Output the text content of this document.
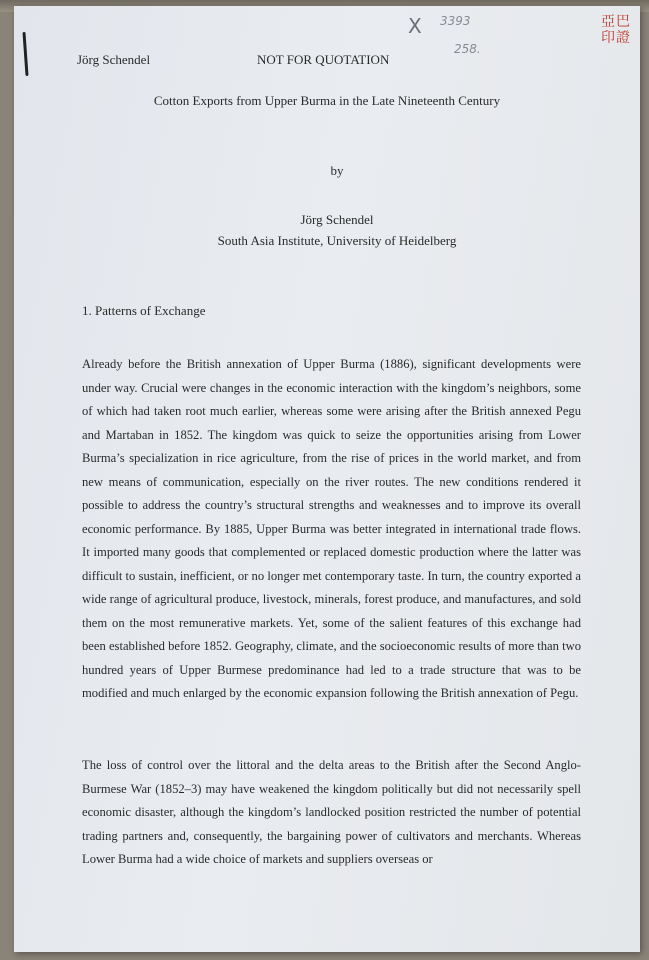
X 3393
258.
亞巴印證
Jörg Schendel	NOT FOR QUOTATION
Cotton Exports from Upper Burma in the Late Nineteenth Century
by
Jörg Schendel
South Asia Institute, University of Heidelberg
1. Patterns of Exchange

Already before the British annexation of Upper Burma (1886), significant developments were under way. Crucial were changes in the economic interaction with the kingdom’s neighbors, some of which had taken root much earlier, whereas some were arising after the British annexed Pegu and Martaban in 1852. The kingdom was quick to seize the opportunities arising from Lower Burma’s specialization in rice agriculture, from the rise of prices in the world market, and from new means of communication, especially on the river routes. The new conditions rendered it possible to address the country’s structural strengths and weaknesses and to improve its overall economic performance. By 1885, Upper Burma was better integrated in international trade flows. It imported many goods that complemented or replaced domestic production where the latter was difficult to sustain, inefficient, or no longer met contemporary taste. In turn, the country exported a wide range of agricultural produce, livestock, minerals, forest produce, and manufactures, and sold them on the most remunerative markets. Yet, some of the salient features of this exchange had been established before 1852. Geography, climate, and the socioeconomic results of more than two hundred years of Upper Burmese predominance had led to a trade structure that was to be modified and much enlarged by the economic expansion following the British annexation of Pegu.

The loss of control over the littoral and the delta areas to the British after the Second Anglo-Burmese War (1852–3) may have weakened the kingdom politically but did not necessarily spell economic disaster, although the kingdom’s landlocked position restricted the number of potential trading partners and, consequently, the bargaining power of cultivators and merchants. Whereas Lower Burma had a wide choice of markets and suppliers overseas or
